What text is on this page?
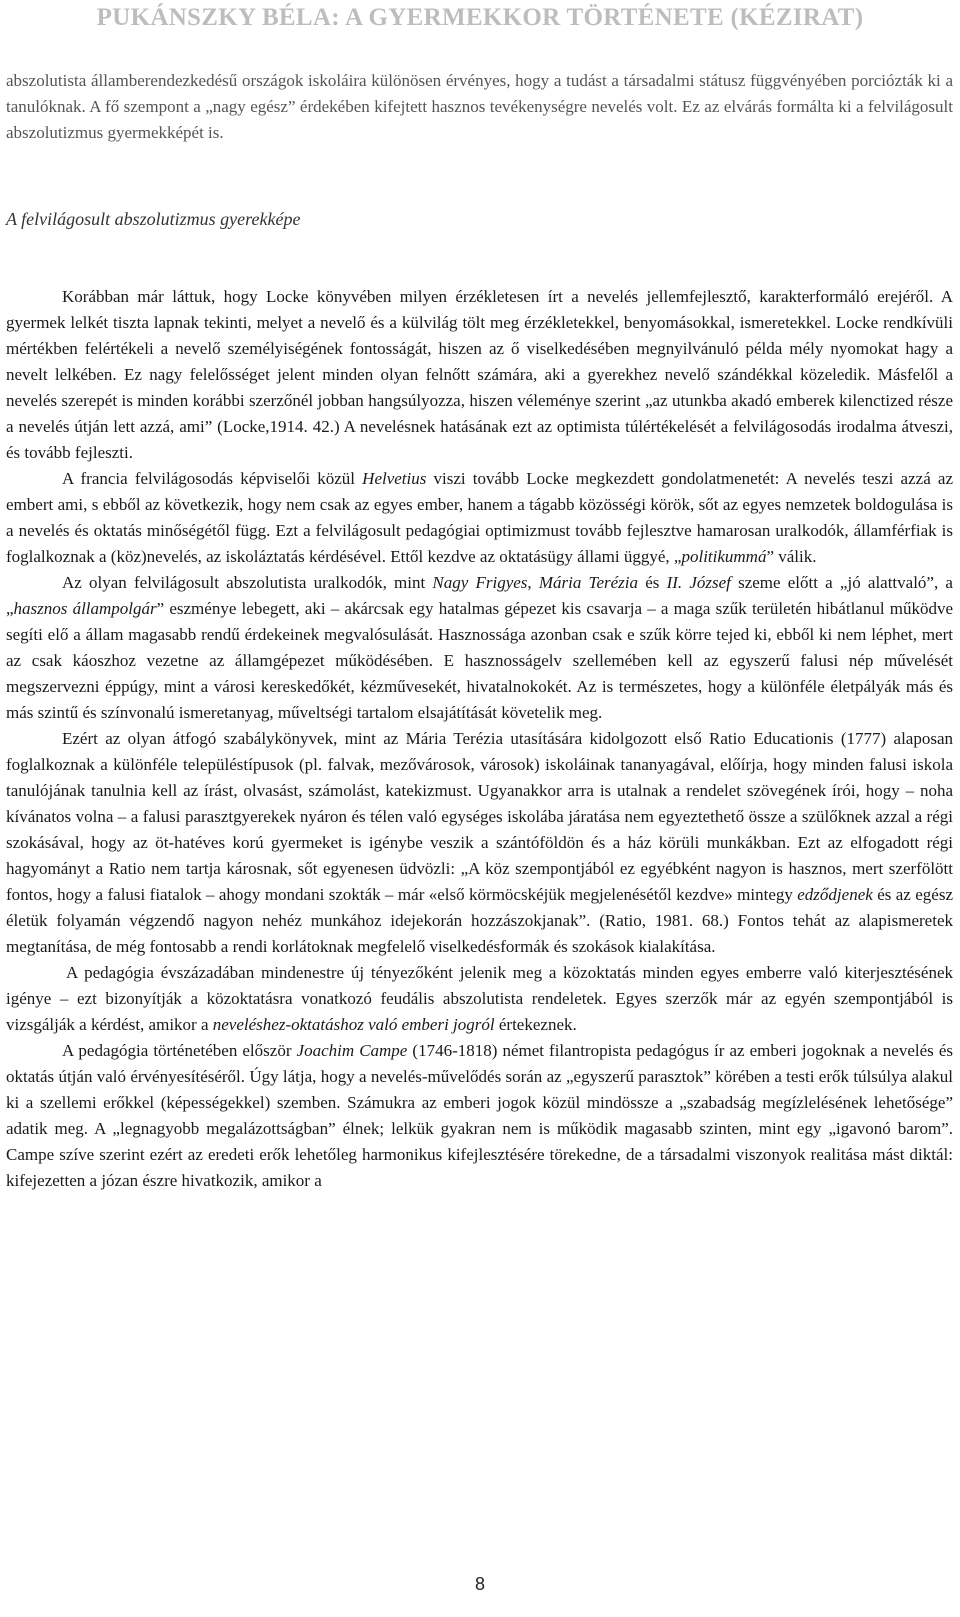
PUKÁNSZKY BÉLA: A GYERMEKKOR TÖRTÉNETE (KÉZIRAT)

abszolutista államberendezkedésű országok iskoláira különösen érvényes, hogy a tudást a társadalmi státusz függvényében porciózták ki a tanulóknak. A fő szempont a „nagy egész” érdekében kifejtett hasznos tevékenységre nevelés volt. Ez az elvárás formálta ki a felvilágosult abszolutizmus gyermekképét is.

A felvilágosult abszolutizmus gyerekképe

Korábban már láttuk, hogy Locke könyvében milyen érzékletesen írt a nevelés jellemfejlesztő, karakterformáló erejéről. A gyermek lelkét tiszta lapnak tekinti, melyet a nevelő és a külvilág tölt meg érzékletekkel, benyomásokkal, ismeretekkel. Locke rendkívüli mértékben felértékeli a nevelő személyiségének fontosságát, hiszen az ő viselkedésében megnyilvánuló példa mély nyomokat hagy a nevelt lelkében. Ez nagy felelősséget jelent minden olyan felnőtt számára, aki a gyerekhez nevelő szándékkal közeledik. Másfelől a nevelés szerepét is minden korábbi szerzőnél jobban hangsúlyozza, hiszen véleménye szerint „az utunkba akadó emberek kilenctized része a nevelés útján lett azzá, ami” (Locke,1914. 42.) A nevelésnek hatásának ezt az optimista túlértékelését a felvilágosodás irodalma átveszi, és tovább fejleszti.

A francia felvilágosodás képviselői közül Helvetius viszi tovább Locke megkezdett gondolatmenetét: A nevelés teszi azzá az embert ami, s ebből az következik, hogy nem csak az egyes ember, hanem a tágabb közösségi körök, sőt az egyes nemzetek boldogulása is a nevelés és oktatás minőségétől függ. Ezt a felvilágosult pedagógiai optimizmust tovább fejlesztve hamarosan uralkodók, államférfiak is foglalkoznak a (köz)nevelés, az iskoláztatás kérdésével. Ettől kezdve az oktatásügy állami üggyé, „politikummá” válik.

Az olyan felvilágosult abszolutista uralkodók, mint Nagy Frigyes, Mária Terézia és II. József szeme előtt a „jó alattvaló”, a „hasznos állampolgár” eszménye lebegett, aki – akárcsak egy hatalmas gépezet kis csavarja – a maga szűk területén hibátlanul működve segíti elő a állam magasabb rendű érdekeinek megvalósulását. Hasznossága azonban csak e szűk körre tejed ki, ebből ki nem léphet, mert az csak káoszhoz vezetne az államgépezet működésében. E hasznosságelv szellemében kell az egyszerű falusi nép művelését megszervezni éppúgy, mint a városi kereskedőkét, kézművesekét, hivatalnokokét. Az is természetes, hogy a különféle életpályák más és más szintű és színvonalú ismeretanyag, műveltségi tartalom elsajátítását követelik meg.

Ezért az olyan átfogó szabálykönyvek, mint az Mária Terézia utasítására kidolgozott első Ratio Educationis (1777) alaposan foglalkoznak a különféle településtípusok (pl. falvak, mezővárosok, városok) iskoláinak tananyagával, előírja, hogy minden falusi iskola tanulójának tanulnia kell az írást, olvasást, számolást, katekizmust. Ugyanakkor arra is utalnak a rendelet szövegének írói, hogy – noha kívánatos volna – a falusi parasztgyerekek nyáron és télen való egységes iskolába járatása nem egyeztethető össze a szülőknek azzal a régi szokásával, hogy az öt-hatéves korú gyermeket is igénybe veszik a szántóföldön és a ház körüli munkákban. Ezt az elfogadott régi hagyományt a Ratio nem tartja károsnak, sőt egyenesen üdvözli: „A köz szempontjából ez egyébként nagyon is hasznos, mert szerfölött fontos, hogy a falusi fiatalok – ahogy mondani szokták – már «első körmöcskéjük megjelenésétől kezdve» mintegy edződjenek és az egész életük folyamán végzendő nagyon nehéz munkához idejekorán hozzászokjanak”. (Ratio, 1981. 68.) Fontos tehát az alapismeretek megtanítása, de még fontosabb a rendi korlátoknak megfelelő viselkedésformák és szokások kialakítása.

A pedagógia évszázadában mindenestre új tényezőként jelenik meg a közoktatás minden egyes emberre való kiterjesztésének igénye – ezt bizonyítják a közoktatásra vonatkozó feudális abszolutista rendeletek. Egyes szerzők már az egyén szempontjából is vizsgálják a kérdést, amikor a neveléshez-oktatáshoz való emberi jogról értekeznek.

A pedagógia történetében először Joachim Campe (1746-1818) német filantropista pedagógus ír az emberi jogoknak a nevelés és oktatás útján való érvényesítéséről. Úgy látja, hogy a nevelés-művelődés során az „egyszerű parasztok” körében a testi erők túlsúlya alakul ki a szellemi erőkkel (képességekkel) szemben. Számukra az emberi jogok közül mindössze a „szabadság megízlelésének lehetősége” adatik meg. A „legnagyobb megalázottságban” élnek; lelkük gyakran nem is működik magasabb szinten, mint egy „igavonó barom”. Campe szíve szerint ezért az eredeti erők lehetőleg harmonikus kifejlesztésére törekedne, de a társadalmi viszonyok realitása mást diktál: kifejezetten a józan észre hivatkozik, amikor a

8
